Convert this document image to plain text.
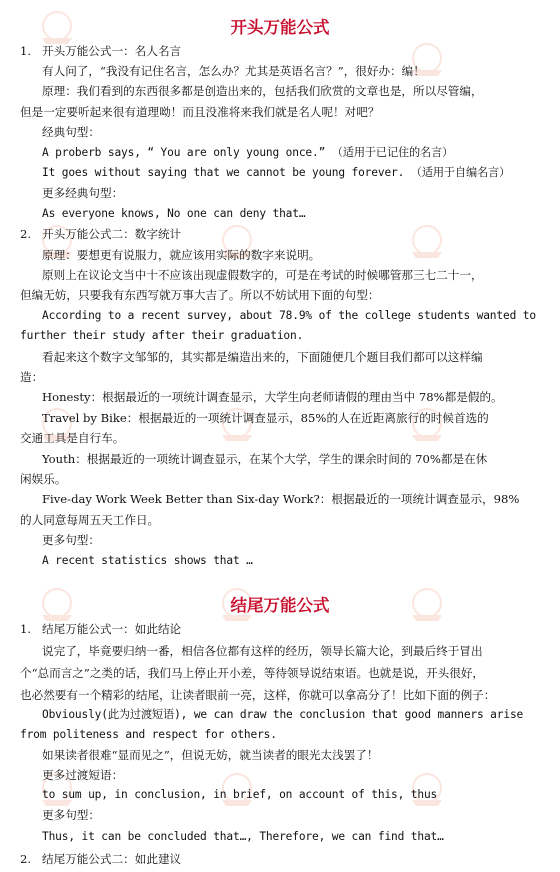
开头万能公式
1. 开头万能公式一：名人名言
有人问了，“我没有记住名言，怎么办？尤其是英语名言？”，很好办：编！
原理：我们看到的东西很多都是创造出来的，包括我们欣赏的文章也是，所以尽管编，
但是一定要听起来很有道理呦！而且没准将来我们就是名人呢！对吧？
经典句型：
A proberb says, “ You are only young once.” （适用于已记住的名言）
It goes without saying that we cannot be young forever. （适用于自编名言）
更多经典句型：
As everyone knows, No one can deny that…
2. 开头万能公式二：数字统计
原理：要想更有说服力，就应该用实际的数字来说明。
原则上在议论文当中十不应该出现虚假数字的，可是在考试的时候哪管那三七二十一，
但编无妨，只要我有东西写就万事大吉了。所以不妨试用下面的句型：
According to a recent survey, about 78.9% of the college students wanted to
further their study after their graduation.
看起来这个数字文邹邹的，其实都是编造出来的，下面随便几个题目我们都可以这样编
造：
Honesty：根据最近的一项统计调查显示，大学生向老师请假的理由当中 78%都是假的。
Travel by Bike：根据最近的一项统计调查显示，85%的人在近距离旅行的时候首选的
交通工具是自行车。
Youth：根据最近的一项统计调查显示，在某个大学，学生的课余时间的 70%都是在休
闲娱乐。
Five-day Work Week Better than Six-day Work?：根据最近的一项统计调查显示，98%
的人同意每周五天工作日。
更多句型：
A recent statistics shows that …
结尾万能公式
1. 结尾万能公式一：如此结论
说完了，毕竟要归纳一番，相信各位都有这样的经历，领导长篇大论，到最后终于冒出
个“总而言之”之类的话，我们马上停止开小差，等待领导说结束语。也就是说，开头很好，
也必然要有一个精彩的结尾，让读者眼前一亮，这样，你就可以拿高分了！比如下面的例子：
Obviously(此为过渡短语), we can draw the conclusion that good manners arise
from politeness and respect for others.
如果读者很难“显而见之”，但说无妨，就当读者的眼光太浅罢了！
更多过渡短语：
to sum up, in conclusion, in brief, on account of this, thus
更多句型：
Thus, it can be concluded that…, Therefore, we can find that…
2. 结尾万能公式二：如此建议
